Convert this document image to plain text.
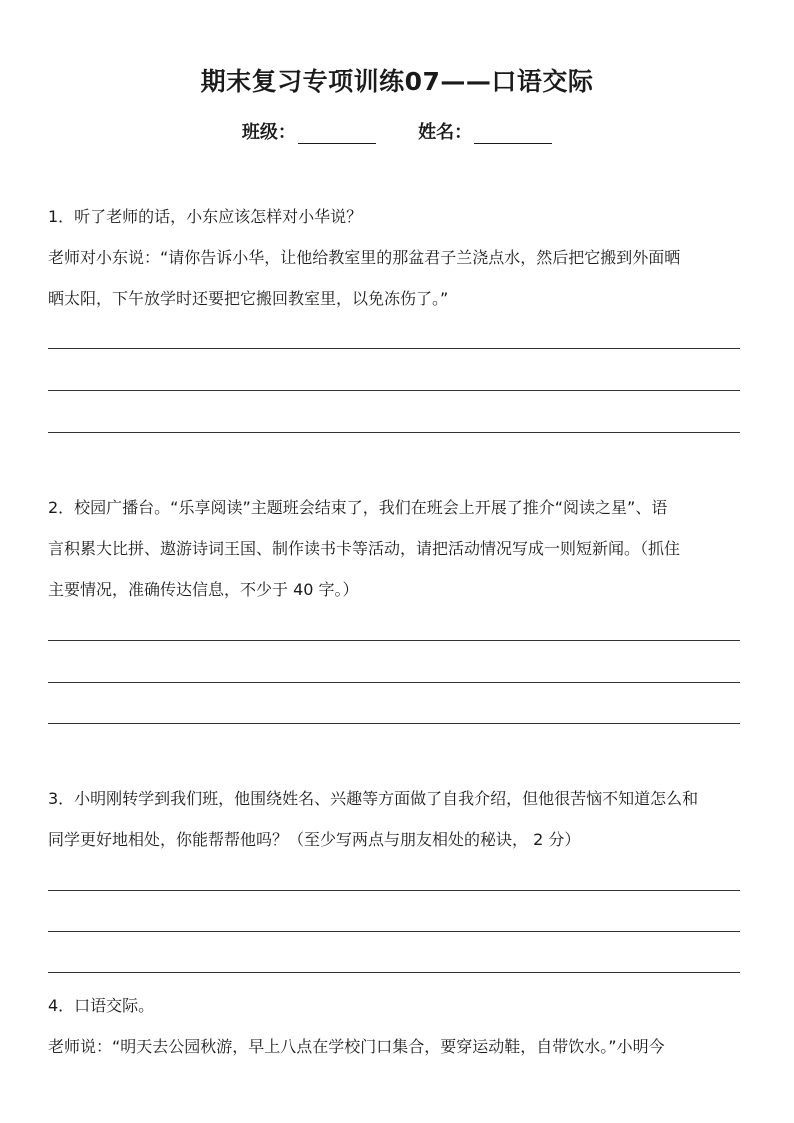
期末复习专项训练07——口语交际
班级：	姓名：

1．听了老师的话，小东应该怎样对小华说？

老师对小东说：“请你告诉小华，让他给教室里的那盆君子兰浇点水，然后把它搬到外面晒

晒太阳，下午放学时还要把它搬回教室里，以免冻伤了。”

2．校园广播台。“乐享阅读”主题班会结束了，我们在班会上开展了推介“阅读之星”、语

言积累大比拼、遨游诗词王国、制作读书卡等活动，请把活动情况写成一则短新闻。（抓住

主要情况，准确传达信息，不少于 40 字。）

3．小明刚转学到我们班，他围绕姓名、兴趣等方面做了自我介绍，但他很苦恼不知道怎么和

同学更好地相处，你能帮帮他吗？（至少写两点与朋友相处的秘诀， 2 分）

4．口语交际。

老师说：“明天去公园秋游，早上八点在学校门口集合，要穿运动鞋，自带饮水。”小明今
